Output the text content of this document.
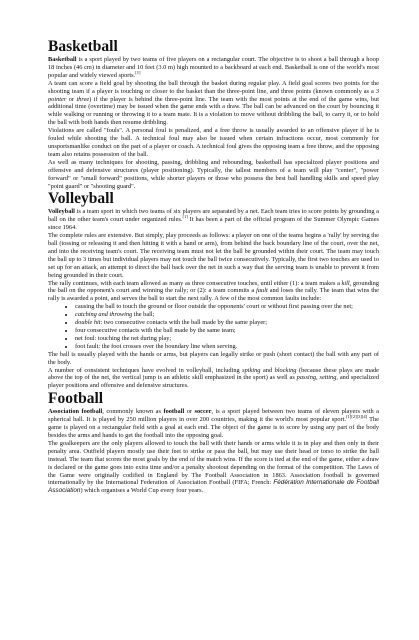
Basketball

Basketball is a sport played by two teams of five players on a rectangular court. The objective is to shoot a ball through a hoop 18 inches (46 cm) in diameter and 10 feet (3.0 m) high mounted to a backboard at each end. Basketball is one of the world's most popular and widely viewed sports.[1]

A team can score a field goal by shooting the ball through the basket during regular play. A field goal scores two points for the shooting team if a player is touching or closer to the basket than the three-point line, and three points (known commonly as a 3 pointer or three) if the player is behind the three-point line. The team with the most points at the end of the game wins, but additional time (overtime) may be issued when the game ends with a draw. The ball can be advanced on the court by bouncing it while walking or running or throwing it to a team mate. It is a violation to move without dribbling the ball, to carry it, or to hold the ball with both hands then resume dribbling.

Violations are called "fouls". A personal foul is penalized, and a free throw is usually awarded to an offensive player if he is fouled while shooting the ball. A technical foul may also be issued when certain infractions occur, most commonly for unsportsmanlike conduct on the part of a player or coach. A technical foul gives the opposing team a free throw, and the opposing team also retains possession of the ball.

As well as many techniques for shooting, passing, dribbling and rebounding, basketball has specialized player positions and offensive and defensive structures (player positioning). Typically, the tallest members of a team will play "center", "power forward" or "small forward" positions, while shorter players or those who possess the best ball handling skills and speed play "point guard" or "shooting guard".

Volleyball

Volleyball is a team sport in which two teams of six players are separated by a net. Each team tries to score points by grounding a ball on the other team's court under organized rules.[1] It has been a part of the official program of the Summer Olympic Games since 1964.

The complete rules are extensive. But simply, play proceeds as follows: a player on one of the teams begins a 'rally' by serving the ball (tossing or releasing it and then hitting it with a hand or arm), from behind the back boundary line of the court, over the net, and into the receiving team's court. The receiving team must not let the ball be grounded within their court. The team may touch the ball up to 3 times but individual players may not touch the ball twice consecutively. Typically, the first two touches are used to set up for an attack, an attempt to direct the ball back over the net in such a way that the serving team is unable to prevent it from being grounded in their court.

The rally continues, with each team allowed as many as three consecutive touches, until either (1): a team makes a kill, grounding the ball on the opponent's court and winning the rally; or (2): a team commits a fault and loses the rally. The team that wins the rally is awarded a point, and serves the ball to start the next rally. A few of the most common faults include:

• causing the ball to touch the ground or floor outside the opponents' court or without first passing over the net;
• catching and throwing the ball;
• double hit: two consecutive contacts with the ball made by the same player;
• four consecutive contacts with the ball made by the same team;
• net foul: touching the net during play;
• foot fault: the foot crosses over the boundary line when serving.

The ball is usually played with the hands or arms, but players can legally strike or push (short contact) the ball with any part of the body.

A number of consistent techniques have evolved in volleyball, including spiking and blocking (because these plays are made above the top of the net, the vertical jump is an athletic skill emphasized in the sport) as well as passing, setting, and specialized player positions and offensive and defensive structures.

Football

Association football, commonly known as football or soccer, is a sport played between two teams of eleven players with a spherical ball. It is played by 250 million players in over 200 countries, making it the world's most popular sport.[1][2][3][4] The game is played on a rectangular field with a goal at each end. The object of the game is to score by using any part of the body besides the arms and hands to get the football into the opposing goal.

The goalkeepers are the only players allowed to touch the ball with their hands or arms while it is in play and then only in their penalty area. Outfield players mostly use their feet to strike or pass the ball, but may use their head or torso to strike the ball instead. The team that scores the most goals by the end of the match wins. If the score is tied at the end of the game, either a draw is declared or the game goes into extra time and/or a penalty shootout depending on the format of the competition. The Laws of the Game were originally codified in England by The Football Association in 1863. Association football is governed internationally by the International Federation of Association Football (FIFA; French: Fédération Internationale de Football Association) which organises a World Cup every four years.
